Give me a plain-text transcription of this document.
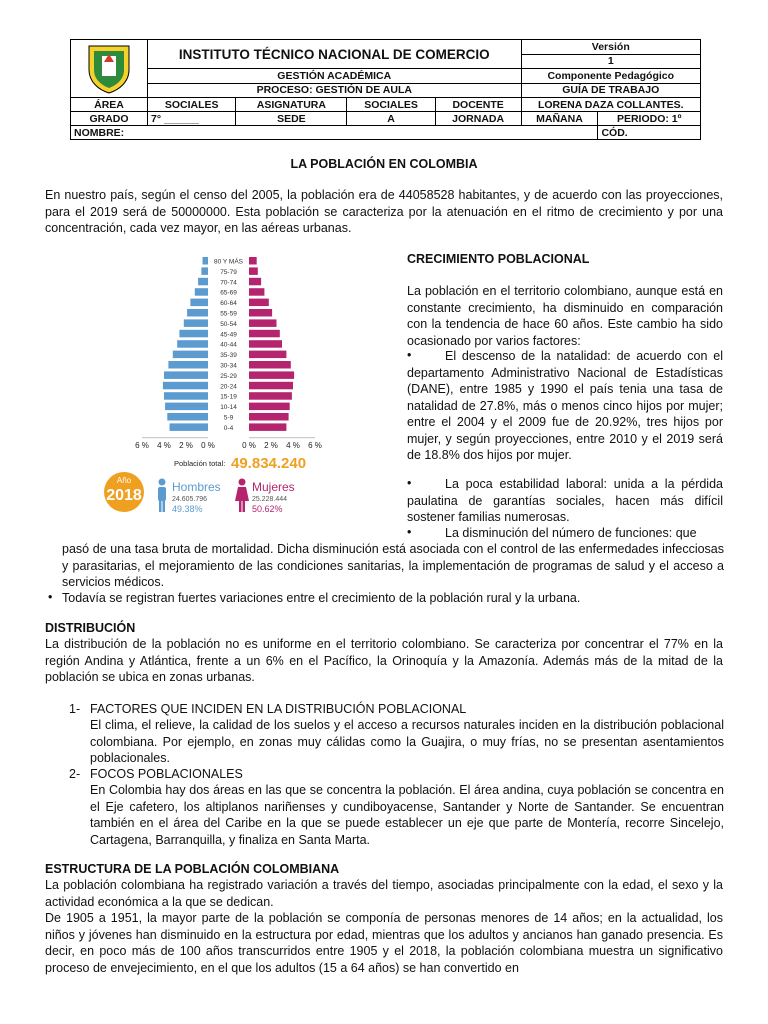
	INSTITUTO TÉCNICO NACIONAL DE COMERCIO				Versión	
					1	
	GESTIÓN ACADÉMICA				Componente Pedagógico	
	PROCESO: GESTIÓN DE AULA				GUÍA DE TRABAJO	
ÁREA	SOCIALES	ASIGNATURA	SOCIALES	DOCENTE	LORENA DAZA COLLANTES.	
GRADO	7° ______	SEDE	A	JORNADA	MAÑANA	PERIODO: 1º
NOMBRE:						CÓD.
LA POBLACIÓN EN COLOMBIA
En nuestro país, según el censo del 2005, la población era de 44058528 habitantes, y de acuerdo con las proyecciones, para el 2019 será de 50000000. Esta población se caracteriza por la atenuación en el ritmo de crecimiento y por una concentración, cada vez mayor, en las aéreas urbanas.
80 Y MÁS
75-79
70-74
65-69
60-64
55-59
50-54
45-49
40-44
35-39
30-34
25-29
20-24
15-19
10-14
5-9
0-4
6 % 4 % 2 % 0 %	0 % 2 % 4 % 6 %
Población total: 49.834.240
Año
2018	Hombres
24.605.796
49.38%
Mujeres
25.228.444
50.62%
CRECIMIENTO POBLACIONAL
La población en el territorio colombiano, aunque está en constante crecimiento, ha disminuido en comparación con la tendencia de hace 60 años. Este cambio ha sido ocasionado por varios factores:
•	El descenso de la natalidad: de acuerdo con el departamento Administrativo Nacional de Estadísticas (DANE), entre 1985 y 1990 el país tenia una tasa de natalidad de 27.8%, más o menos cinco hijos por mujer; entre el 2004 y el 2009 fue de 20.92%, tres hijos por mujer, y según proyecciones, entre 2010 y el 2019 será de 18.8% dos hijos por mujer.
•	La poca estabilidad laboral: unida a la pérdida paulatina de garantías sociales, hacen más difícil sostener familias numerosas.
•	La disminución del número de funciones: que
pasó de una tasa bruta de mortalidad. Dicha disminución está asociada con el control de las enfermedades infecciosas y parasitarias, el mejoramiento de las condiciones sanitarias, la implementación de programas de salud y el acceso a servicios médicos.
• Todavía se registran fuertes variaciones entre el crecimiento de la población rural y la urbana.
DISTRIBUCIÓN
La distribución de la población no es uniforme en el territorio colombiano. Se caracteriza por concentrar el 77% en la región Andina y Atlántica, frente a un 6% en el Pacífico, la Orinoquía y la Amazonía. Además más de la mitad de la población se ubica en zonas urbanas.
1- FACTORES QUE INCIDEN EN LA DISTRIBUCIÓN POBLACIONAL
El clima, el relieve, la calidad de los suelos y el acceso a recursos naturales inciden en la distribución poblacional colombiana. Por ejemplo, en zonas muy cálidas como la Guajira, o muy frías, no se presentan asentamientos poblacionales.
2- FOCOS POBLACIONALES
En Colombia hay dos áreas en las que se concentra la población. El área andina, cuya población se concentra en el Eje cafetero, los altiplanos nariñenses y cundiboyacense, Santander y Norte de Santander. Se encuentran también en el área del Caribe en la que se puede establecer un eje que parte de Montería, recorre Sincelejo, Cartagena, Barranquilla, y finaliza en Santa Marta.
ESTRUCTURA DE LA POBLACIÓN COLOMBIANA
La población colombiana ha registrado variación a través del tiempo, asociadas principalmente con la edad, el sexo y la actividad económica a la que se dedican.
De 1905 a 1951, la mayor parte de la población se componía de personas menores de 14 años; en la actualidad, los niños y jóvenes han disminuido en la estructura por edad, mientras que los adultos y ancianos han ganado presencia. Es decir, en poco más de 100 años transcurridos entre 1905 y el 2018, la población colombiana muestra un significativo proceso de envejecimiento, en el que los adultos (15 a 64 años) se han convertido en
